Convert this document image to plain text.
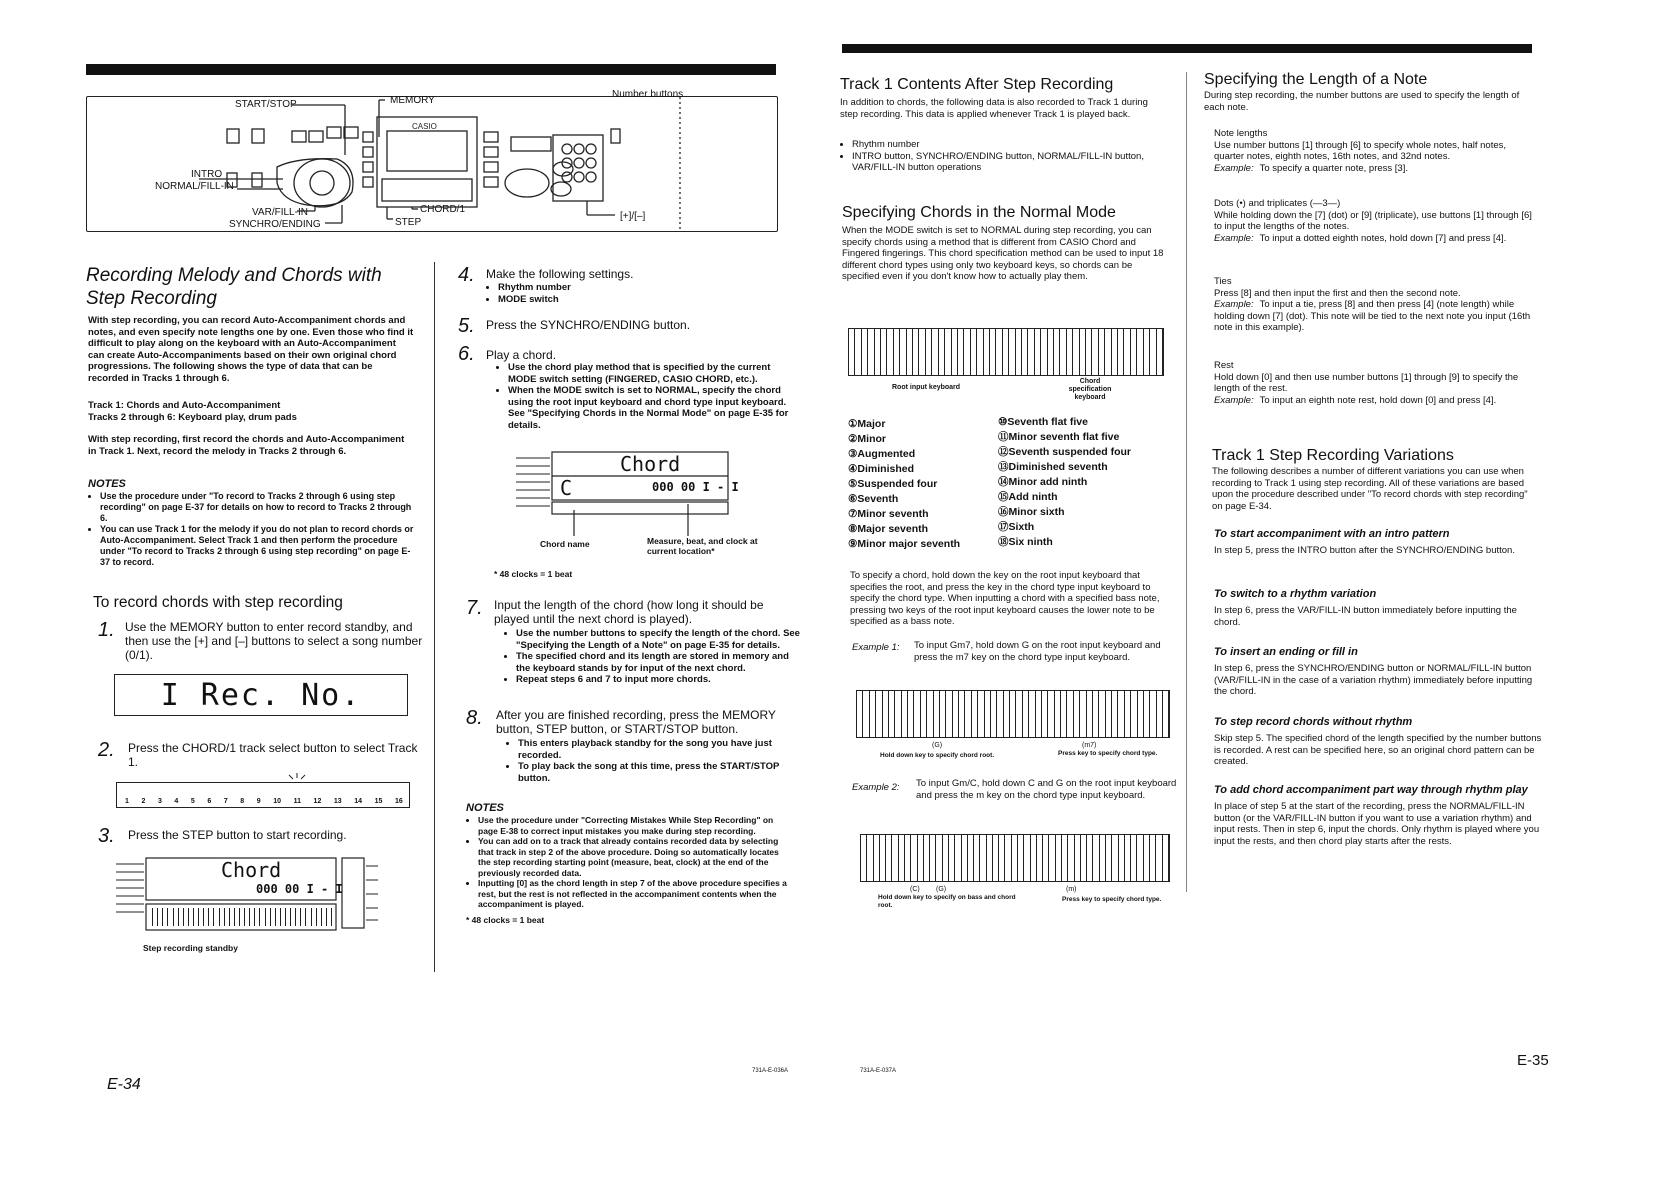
START/STOP	MEMORY
Number buttons
INTRO
NORMAL/FILL-IN
VAR/FILL-IN
SYNCHRO/ENDING
CHORD/1
STEP
[+]/[–]
CASIO
Recording Melody and Chords with Step Recording
With step recording, you can record Auto-Accompaniment chords and notes, and even specify note lengths one by one. Even those who find it difficult to play along on the keyboard with an Auto-Accompaniment can create Auto-Accompaniments based on their own original chord progressions. The following shows the type of data that can be recorded in Tracks 1 through 6.
Track 1: Chords and Auto-Accompaniment
Tracks 2 through 6: Keyboard play, drum pads
With step recording, first record the chords and Auto-Accompaniment in Track 1. Next, record the melody in Tracks 2 through 6.
NOTES
• Use the procedure under "To record to Tracks 2 through 6 using step recording" on page E-37 for details on how to record to Tracks 2 through 6.
• You can use Track 1 for the melody if you do not plan to record chords or Auto-Accompaniment. Select Track 1 and then perform the procedure under "To record to Tracks 2 through 6 using step recording" on page E-37 to record.
To record chords with step recording
1. Use the MEMORY button to enter record standby, and then use the [+] and [–] buttons to select a song number (0/1).
I Rec. No.
2. Press the CHORD/1 track select button to select Track 1.
1 2 3 4 5 6 7 8 9 10 11 12 13 14 15 16
3. Press the STEP button to start recording.
Chord
000 00 I - I
Step recording standby
E-34
4. Make the following settings.
• Rhythm number
• MODE switch
5. Press the SYNCHRO/ENDING button.
6. Play a chord.
• Use the chord play method that is specified by the current MODE switch setting (FINGERED, CASIO CHORD, etc.).
• When the MODE switch is set to NORMAL, specify the chord using the root input keyboard and chord type input keyboard. See "Specifying Chords in the Normal Mode" on page E-35 for details.
Chord
C	000 00 I - I
Chord name	Measure, beat, and clock at current location*
* 48 clocks = 1 beat
7. Input the length of the chord (how long it should be played until the next chord is played).
• Use the number buttons to specify the length of the chord. See "Specifying the Length of a Note" on page E-35 for details.
• The specified chord and its length are stored in memory and the keyboard stands by for input of the next chord.
• Repeat steps 6 and 7 to input more chords.
8. After you are finished recording, press the MEMORY button, STEP button, or START/STOP button.
• This enters playback standby for the song you have just recorded.
• To play back the song at this time, press the START/STOP button.
NOTES
• Use the procedure under "Correcting Mistakes While Step Recording" on page E-38 to correct input mistakes you make during step recording.
• You can add on to a track that already contains recorded data by selecting that track in step 2 of the above procedure. Doing so automatically locates the step recording starting point (measure, beat, clock) at the end of the previously recorded data.
• Inputting [0] as the chord length in step 7 of the above procedure specifies a rest, but the rest is not reflected in the accompaniment contents when the accompaniment is played.
* 48 clocks = 1 beat
731A-E-036A	731A-E-037A
Track 1 Contents After Step Recording
In addition to chords, the following data is also recorded to Track 1 during step recording. This data is applied whenever Track 1 is played back.
• Rhythm number
• INTRO button, SYNCHRO/ENDING button, NORMAL/FILL-IN button, VAR/FILL-IN button operations
Specifying Chords in the Normal Mode
When the MODE switch is set to NORMAL during step recording, you can specify chords using a method that is different from CASIO Chord and Fingered fingerings. This chord specification method can be used to input 18 different chord types using only two keyboard keys, so chords can be specified even if you don't know how to actually play them.
Root input keyboard
Chord specification keyboard
①Major
②Minor
③Augmented
④Diminished
⑤Suspended four
⑥Seventh
⑦Minor seventh
⑧Major seventh
⑨Minor major seventh
⑩Seventh flat five
⑪Minor seventh flat five
⑫Seventh suspended four
⑬Diminished seventh
⑭Minor add ninth
⑮Add ninth
⑯Minor sixth
⑰Sixth
⑱Six ninth
To specify a chord, hold down the key on the root input keyboard that specifies the root, and press the key in the chord type input keyboard to specify the chord type. When inputting a chord with a specified bass note, pressing two keys of the root input keyboard causes the lower note to be specified as a bass note.
Example 1: To input Gm7, hold down G on the root input keyboard and press the m7 key on the chord type input keyboard.
(G)	(m7)
Hold down key to specify chord root.	Press key to specify chord type.
Example 2: To input Gm/C, hold down C and G on the root input keyboard and press the m key on the chord type input keyboard.
(C) (G)	(m)
Hold down key to specify on bass and chord root.
Press key to specify chord type.
Specifying the Length of a Note
During step recording, the number buttons are used to specify the length of each note.
Note lengths
Use number buttons [1] through [6] to specify whole notes, half notes, quarter notes, eighth notes, 16th notes, and 32nd notes.
Example: To specify a quarter note, press [3].
Dots (•) and triplicates (—3—)
While holding down the [7] (dot) or [9] (triplicate), use buttons [1] through [6] to input the lengths of the notes.
Example: To input a dotted eighth notes, hold down [7] and press [4].
Ties
Press [8] and then input the first and then the second note.
Example: To input a tie, press [8] and then press [4] (note length) while holding down [7] (dot). This note will be tied to the next note you input (16th note in this example).
Rest
Hold down [0] and then use number buttons [1] through [9] to specify the length of the rest.
Example: To input an eighth note rest, hold down [0] and press [4].
Track 1 Step Recording Variations
The following describes a number of different variations you can use when recording to Track 1 using step recording. All of these variations are based upon the procedure described under "To record chords with step recording" on page E-34.
To start accompaniment with an intro pattern
In step 5, press the INTRO button after the SYNCHRO/ENDING button.
To switch to a rhythm variation
In step 6, press the VAR/FILL-IN button immediately before inputting the chord.
To insert an ending or fill in
In step 6, press the SYNCHRO/ENDING button or NORMAL/FILL-IN button (VAR/FILL-IN in the case of a variation rhythm) immediately before inputting the chord.
To step record chords without rhythm
Skip step 5. The specified chord of the length specified by the number buttons is recorded. A rest can be specified here, so an original chord pattern can be created.
To add chord accompaniment part way through rhythm play
In place of step 5 at the start of the recording, press the NORMAL/FILL-IN button (or the VAR/FILL-IN button if you want to use a variation rhythm) and input rests. Then in step 6, input the chords. Only rhythm is played where you input the rests, and then chord play starts after the rests.
E-35
